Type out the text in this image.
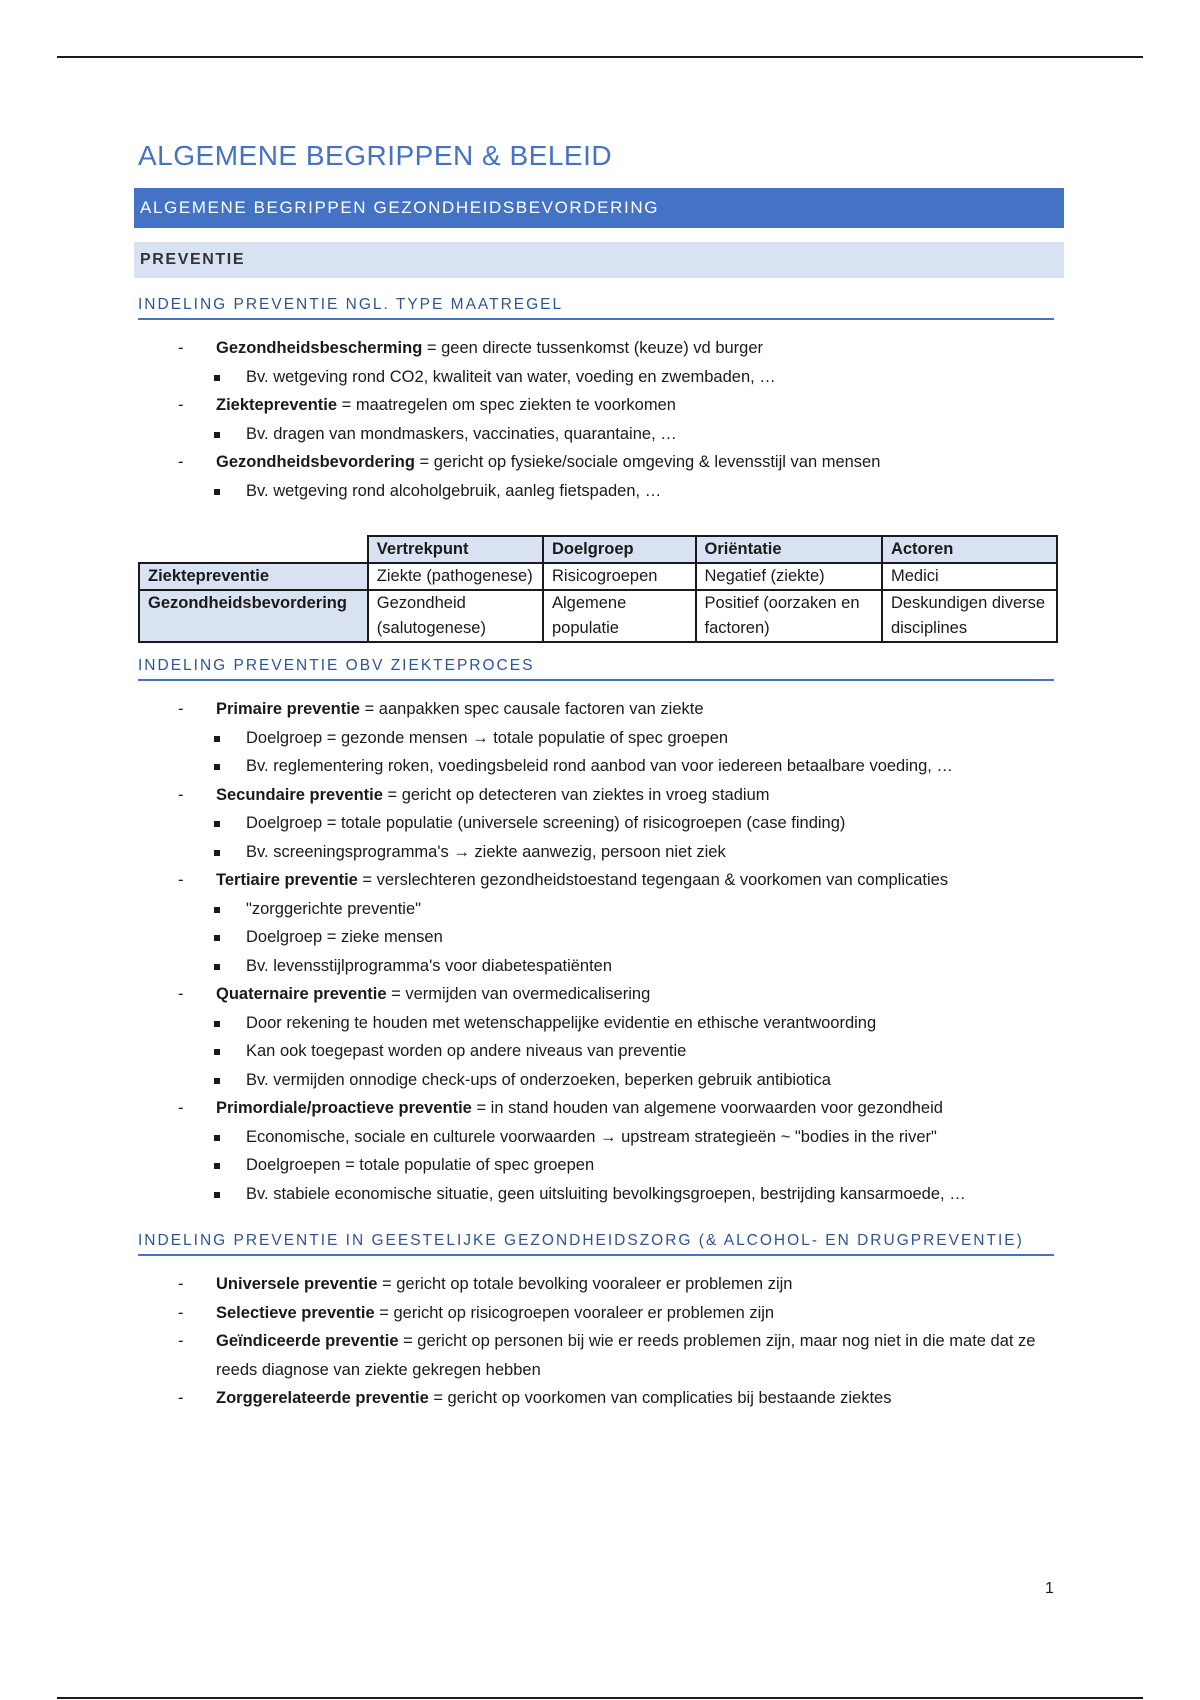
ALGEMENE BEGRIPPEN & BELEID
ALGEMENE BEGRIPPEN GEZONDHEIDSBEVORDERING
PREVENTIE
INDELING PREVENTIE NGL. TYPE MAATREGEL
- Gezondheidsbescherming = geen directe tussenkomst (keuze) vd burger
Bv. wetgeving rond CO2, kwaliteit van water, voeding en zwembaden, …
- Ziektepreventie = maatregelen om spec ziekten te voorkomen
Bv. dragen van mondmaskers, vaccinaties, quarantaine, …
- Gezondheidsbevordering = gericht op fysieke/sociale omgeving & levensstijl van mensen
Bv. wetgeving rond alcoholgebruik, aanleg fietspaden, …
	Vertrekpunt	Doelgroep	Oriëntatie	Actoren
Ziektepreventie	Ziekte (pathogenese)	Risicogroepen	Negatief (ziekte)	Medici
Gezondheidsbevordering	Gezondheid (salutogenese)	Algemene populatie	Positief (oorzaken en factoren)	Deskundigen diverse disciplines
INDELING PREVENTIE OBV ZIEKTEPROCES
- Primaire preventie = aanpakken spec causale factoren van ziekte
Doelgroep = gezonde mensen → totale populatie of spec groepen
Bv. reglementering roken, voedingsbeleid rond aanbod van voor iedereen betaalbare voeding, …
- Secundaire preventie = gericht op detecteren van ziektes in vroeg stadium
Doelgroep = totale populatie (universele screening) of risicogroepen (case finding)
Bv. screeningsprogramma's → ziekte aanwezig, persoon niet ziek
- Tertiaire preventie = verslechteren gezondheidstoestand tegengaan & voorkomen van complicaties
"zorggerichte preventie"
Doelgroep = zieke mensen
Bv. levensstijlprogramma's voor diabetespatiënten
- Quaternaire preventie = vermijden van overmedicalisering
Door rekening te houden met wetenschappelijke evidentie en ethische verantwoording
Kan ook toegepast worden op andere niveaus van preventie
Bv. vermijden onnodige check-ups of onderzoeken, beperken gebruik antibiotica
- Primordiale/proactieve preventie = in stand houden van algemene voorwaarden voor gezondheid
Economische, sociale en culturele voorwaarden → upstream strategieën ~ "bodies in the river"
Doelgroepen = totale populatie of spec groepen
Bv. stabiele economische situatie, geen uitsluiting bevolkingsgroepen, bestrijding kansarmoede, …
INDELING PREVENTIE IN GEESTELIJKE GEZONDHEIDSZORG (& ALCOHOL- EN DRUGPREVENTIE)
- Universele preventie = gericht op totale bevolking vooraleer er problemen zijn
- Selectieve preventie = gericht op risicogroepen vooraleer er problemen zijn
- Geïndiceerde preventie = gericht op personen bij wie er reeds problemen zijn, maar nog niet in die mate dat ze reeds diagnose van ziekte gekregen hebben
- Zorggerelateerde preventie = gericht op voorkomen van complicaties bij bestaande ziektes
1
